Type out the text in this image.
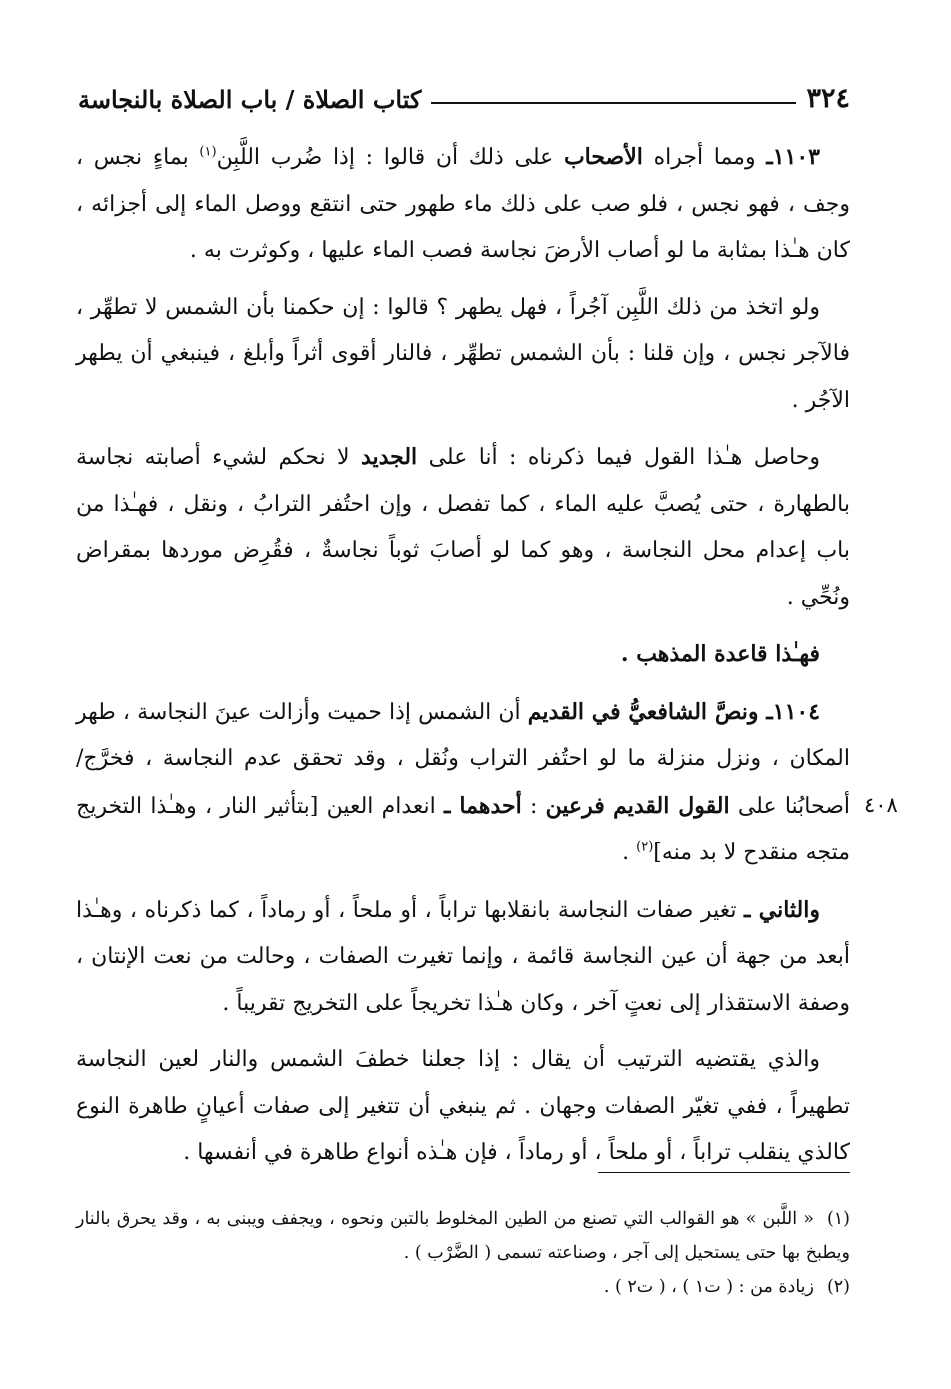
٣٢٤
كتاب الصلاة / باب الصلاة بالنجاسة

١١٠٣ـ ومما أجراه الأصحاب على ذلك أن قالوا : إذا ضُرب اللَّبِن$^{(١)}$ بماءٍ نجس ، وجف ، فهو نجس ، فلو صب على ذلك ماء طهور حتى انتقع ووصل الماء إلى أجزائه ، كان هـٰذا بمثابة ما لو أصاب الأرضَ نجاسة فصب الماء عليها ، وكوثرت به .

ولو اتخذ من ذلك اللَّبِن آجُراً ، فهل يطهر ؟ قالوا : إن حكمنا بأن الشمس لا تطهِّر ، فالآجر نجس ، وإن قلنا : بأن الشمس تطهِّر ، فالنار أقوى أثراً وأبلغ ، فينبغي أن يطهر الآجُر .

وحاصل هـٰذا القول فيما ذكرناه : أنا على الجديد لا نحكم لشيء أصابته نجاسة بالطهارة ، حتى يُصبَّ عليه الماء ، كما تفصل ، وإن احتُفر الترابُ ، ونقل ، فهـٰذا من باب إعدام محل النجاسة ، وهو كما لو أصابَ ثوباً نجاسةٌ ، فقُرِض موردها بمقراض ونُحِّي .

فهـٰذا قاعدة المذهب .

١١٠٤ـ ونصَّ الشافعيُّ في القديم أن الشمس إذا حميت وأزالت عينَ النجاسة ، طهر المكان ، ونزل منزلة ما لو احتُفر التراب ونُقل ، وقد تحقق عدم النجاسة ، فخرَّج/ أصحابُنا على القول القديم فرعين : أحدهما ـ انعدام العين [بتأثير النار ، وهـٰذا التخريج متجه منقدح لا بد منه]$^{(٢)}$ .

والثاني ـ تغير صفات النجاسة بانقلابها تراباً ، أو ملحاً ، أو رماداً ، كما ذكرناه ، وهـٰذا أبعد من جهة أن عين النجاسة قائمة ، وإنما تغيرت الصفات ، وحالت من نعت الإنتان ، وصفة الاستقذار إلى نعتٍ آخر ، وكان هـٰذا تخريجاً على التخريج تقريباً .

والذي يقتضيه الترتيب أن يقال : إذا جعلنا خطفَ الشمس والنار لعين النجاسة تطهيراً ، ففي تغيّر الصفات وجهان . ثم ينبغي أن تتغير إلى صفات أعيانٍ طاهرة النوع كالذي ينقلب تراباً ، أو ملحاً ، أو رماداً ، فإن هـٰذه أنواع طاهرة في أنفسها .

٤٠٨

(١)« اللَّبن » هو القوالب التي تصنع من الطين المخلوط بالتبن ونحوه ، ويجفف ويبنى به ، وقد يحرق بالنار ويطبخ بها حتى يستحيل إلى آجر ، وصناعته تسمى ( الضَّرْب ) .

(٢)زيادة من : ( ت١ ) ، ( ت٢ ) .
